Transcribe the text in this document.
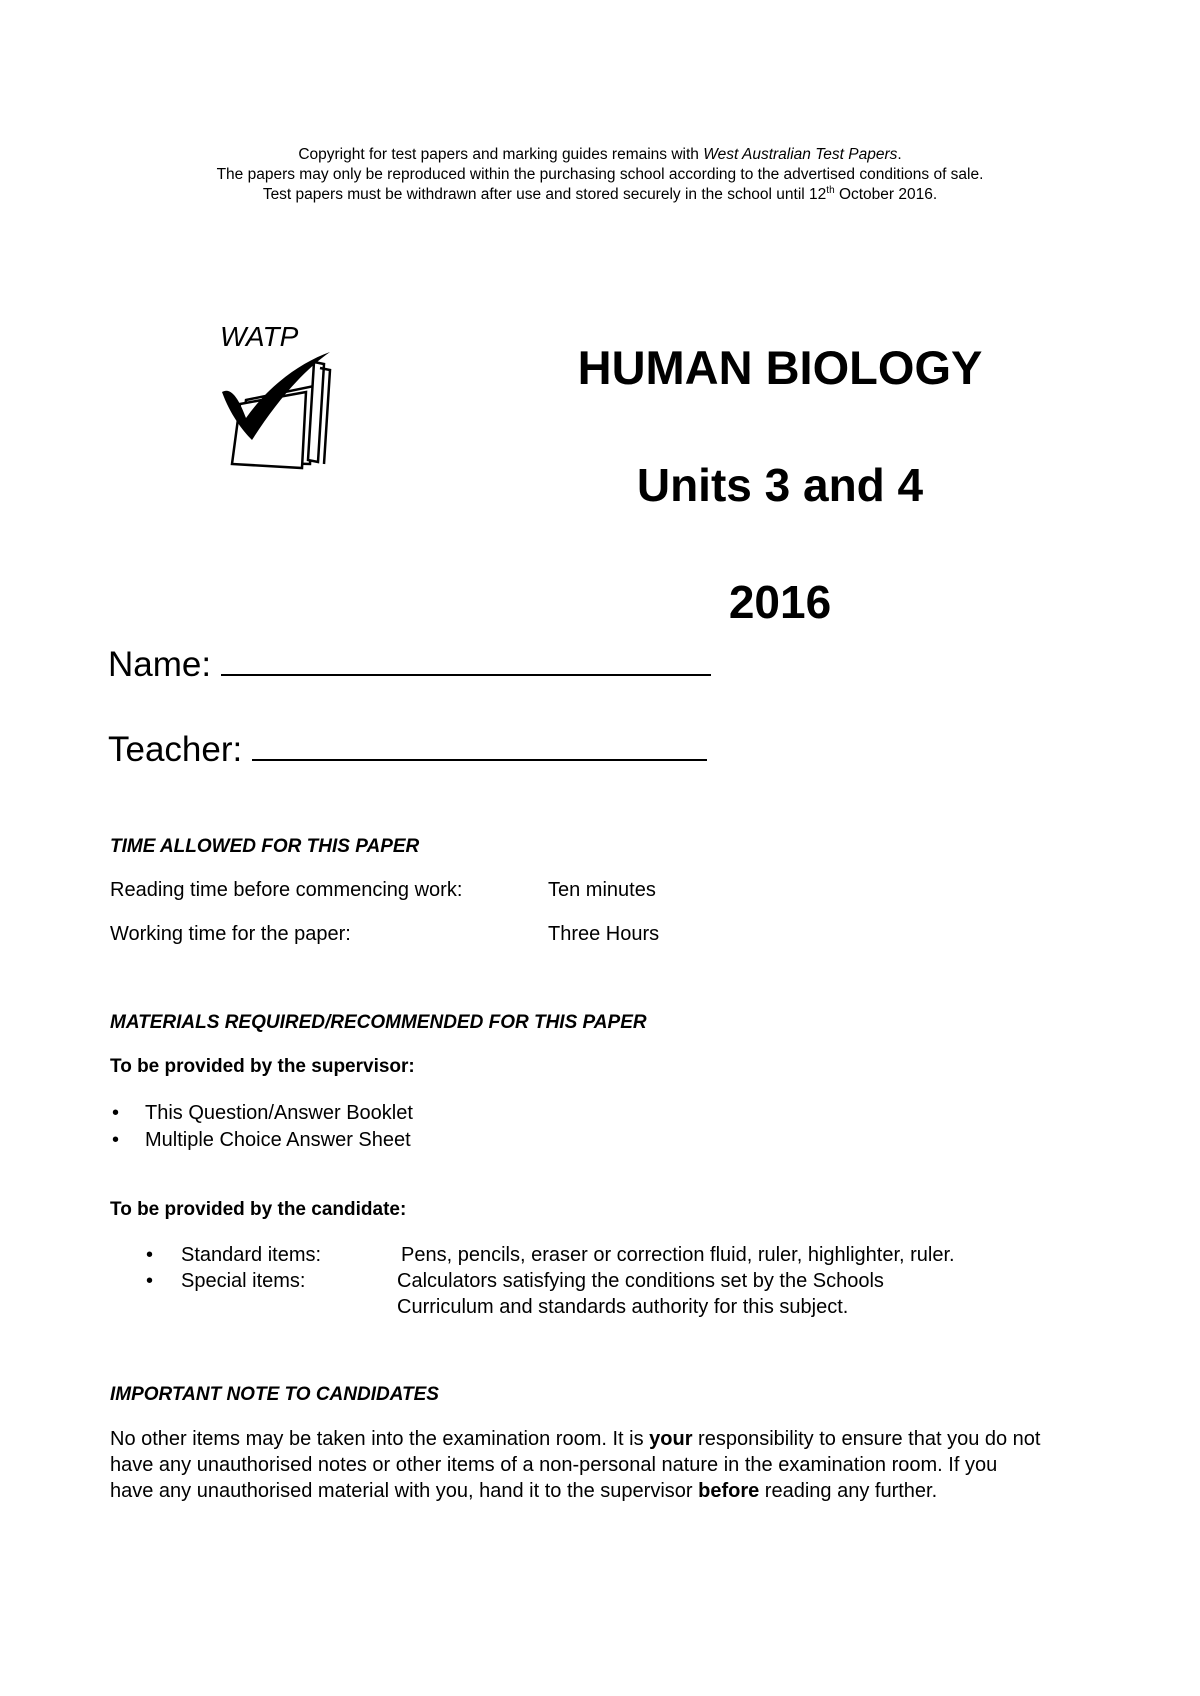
Copyright for test papers and marking guides remains with West Australian Test Papers.
The papers may only be reproduced within the purchasing school according to the advertised conditions of sale.
Test papers must be withdrawn after use and stored securely in the school until 12th October 2016.
WATP
HUMAN BIOLOGY
Units 3 and 4
2016
Name:
Teacher:
TIME ALLOWED FOR THIS PAPER
Reading time before commencing work:	Ten minutes
Working time for the paper:	Three Hours
MATERIALS REQUIRED/RECOMMENDED FOR THIS PAPER
To be provided by the supervisor:
• This Question/Answer Booklet
• Multiple Choice Answer Sheet
To be provided by the candidate:
• Standard items:	Pens, pencils, eraser or correction fluid, ruler, highlighter, ruler.
• Special items:	Calculators satisfying the conditions set by the Schools
Curriculum and standards authority for this subject.
IMPORTANT NOTE TO CANDIDATES
No other items may be taken into the examination room. It is your responsibility to ensure that you do not
have any unauthorised notes or other items of a non-personal nature in the examination room. If you
have any unauthorised material with you, hand it to the supervisor before reading any further.
